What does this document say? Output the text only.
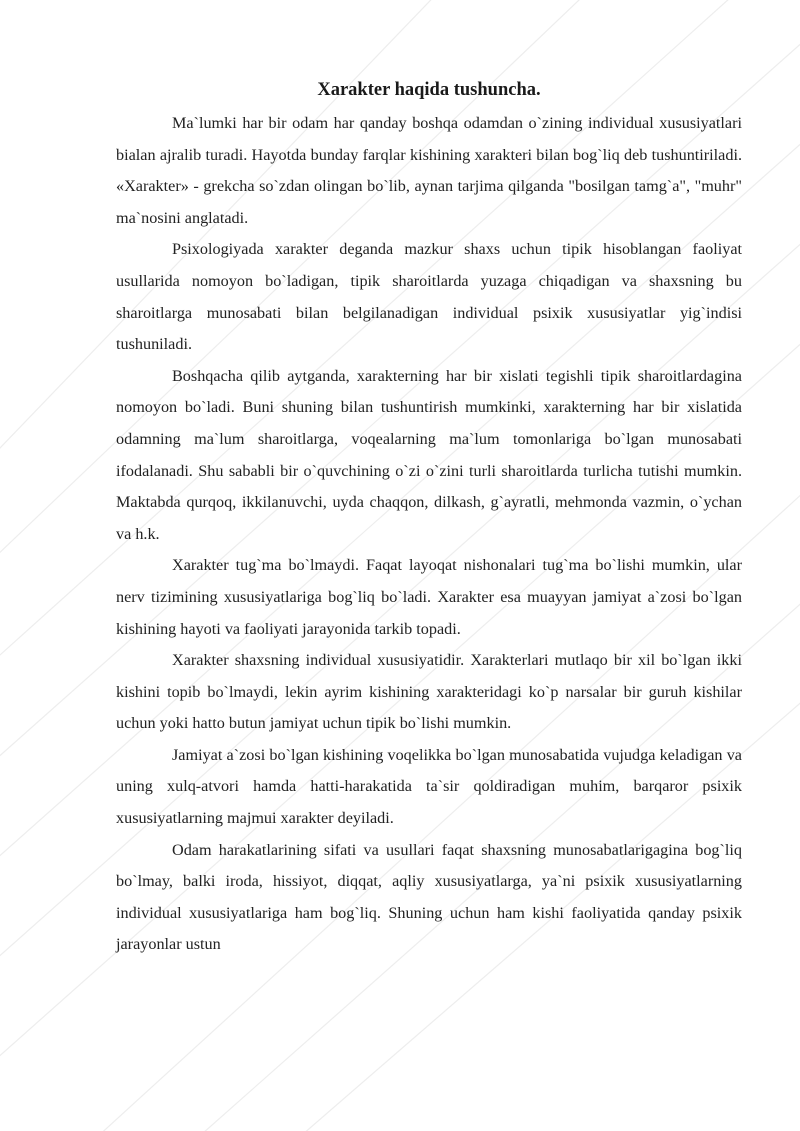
Xarakter haqida tushuncha.

Ma`lumki har bir odam har qanday boshqa odamdan o`zining individual xususiyatlari bialan ajralib turadi. Hayotda bunday farqlar kishining xarakteri bilan bog`liq deb tushuntiriladi. «Xarakter» - grekcha so`zdan olingan bo`lib, aynan tarjima qilganda "bosilgan tamg`a", "muhr" ma`nosini anglatadi.

Psixologiyada xarakter deganda mazkur shaxs uchun tipik hisoblangan faoliyat usullarida nomoyon bo`ladigan, tipik sharoitlarda yuzaga chiqadigan va shaxsning bu sharoitlarga munosabati bilan belgilanadigan individual psixik xususiyatlar yig`indisi tushuniladi.

Boshqacha qilib aytganda, xarakterning har bir xislati tegishli tipik sharoitlardagina nomoyon bo`ladi. Buni shuning bilan tushuntirish mumkinki, xarakterning har bir xislatida odamning ma`lum sharoitlarga, voqealarning ma`lum tomonlariga bo`lgan munosabati ifodalanadi. Shu sababli bir o`quvchining o`zi o`zini turli sharoitlarda turlicha tutishi mumkin. Maktabda qurqoq, ikkilanuvchi, uyda chaqqon, dilkash, g`ayratli, mehmonda vazmin, o`ychan va h.k.

Xarakter tug`ma bo`lmaydi. Faqat layoqat nishonalari tug`ma bo`lishi mumkin, ular nerv tizimining xususiyatlariga bog`liq bo`ladi. Xarakter esa muayyan jamiyat a`zosi bo`lgan kishining hayoti va faoliyati jarayonida tarkib topadi.

Xarakter shaxsning individual xususiyatidir. Xarakterlari mutlaqo bir xil bo`lgan ikki kishini topib bo`lmaydi, lekin ayrim kishining xarakteridagi ko`p narsalar bir guruh kishilar uchun yoki hatto butun jamiyat uchun tipik bo`lishi mumkin.

Jamiyat a`zosi bo`lgan kishining voqelikka bo`lgan munosabatida vujudga keladigan va uning xulq-atvori hamda hatti-harakatida ta`sir qoldiradigan muhim, barqaror psixik xususiyatlarning majmui xarakter deyiladi.

Odam harakatlarining sifati va usullari faqat shaxsning munosabatlarigagina bog`liq bo`lmay, balki iroda, hissiyot, diqqat, aqliy xususiyatlarga, ya`ni psixik xususiyatlarning individual xususiyatlariga ham bog`liq. Shuning uchun ham kishi faoliyatida qanday psixik jarayonlar ustun
